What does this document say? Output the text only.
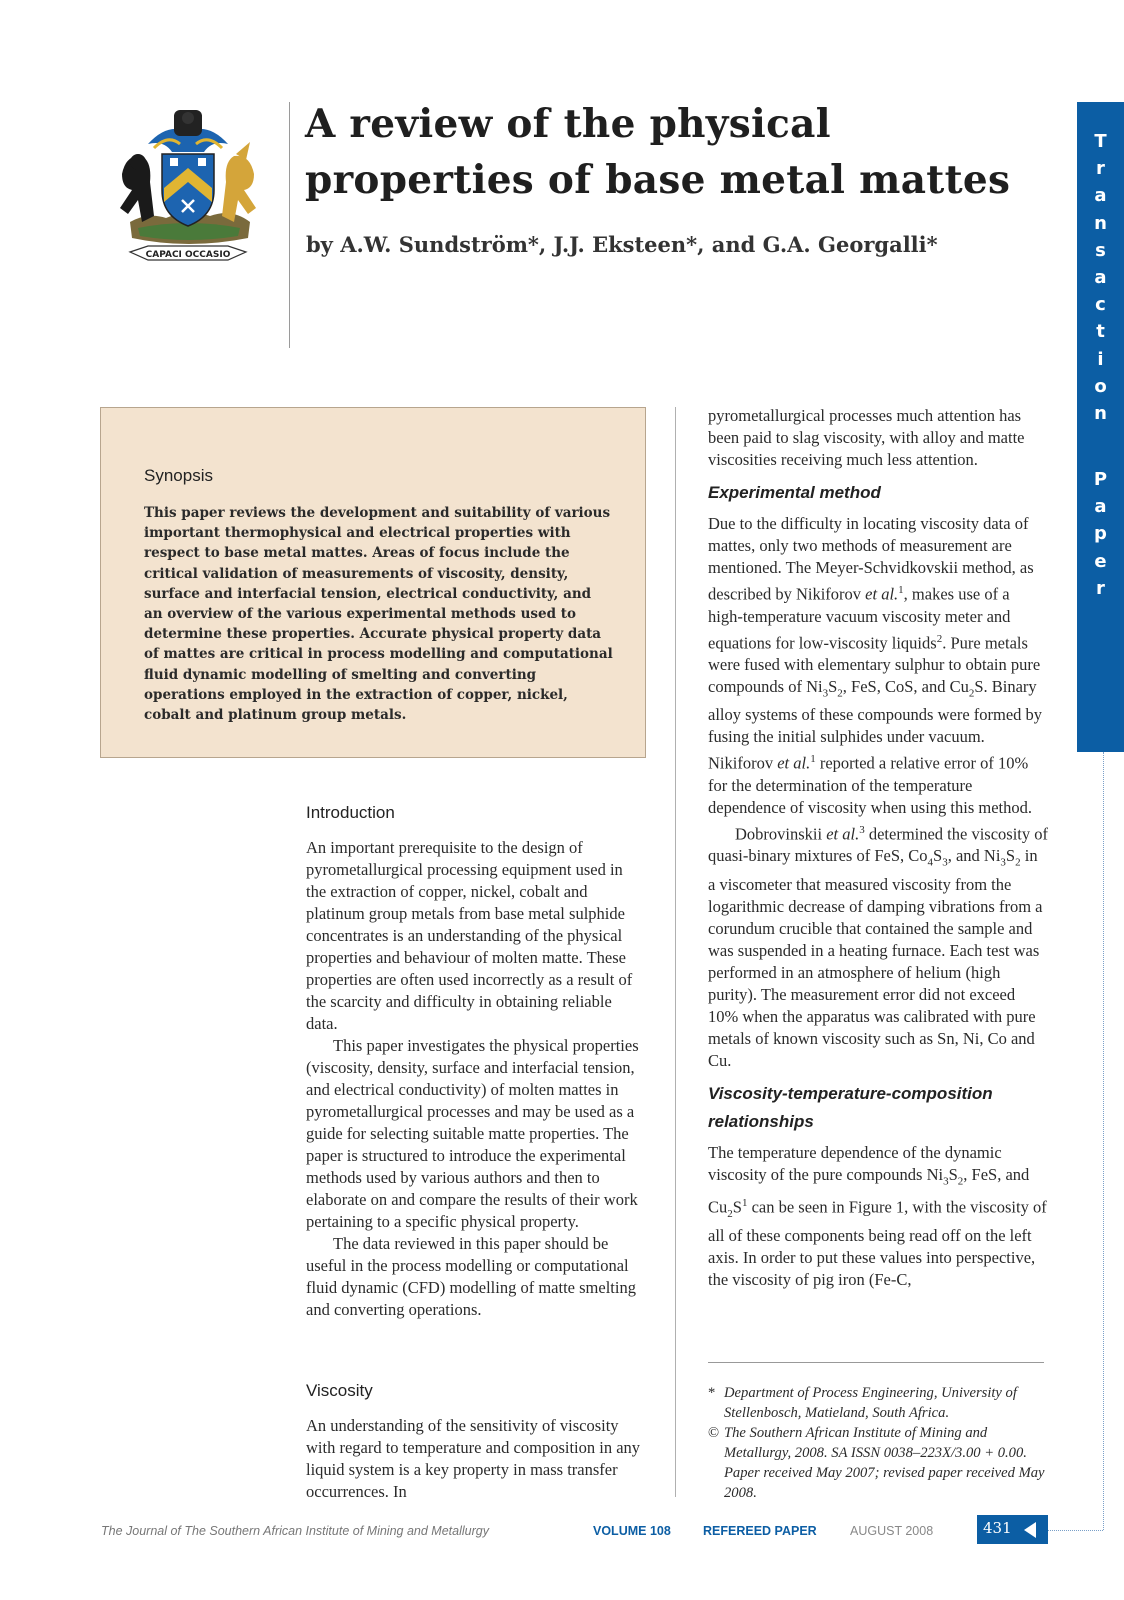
CAPACI OCCASIO
A review of the physical properties of base metal mattes
by A.W. Sundström*, J.J. Eksteen*, and G.A. Georgalli*
T
r
a
n
s
a
c
t
i
o
n
P
a
p
e
r
Synopsis
This paper reviews the development and suitability of various important thermophysical and electrical properties with respect to base metal mattes. Areas of focus include the critical validation of measurements of viscosity, density, surface and interfacial tension, electrical conductivity, and an overview of the various experimental methods used to determine these properties. Accurate physical property data of mattes are critical in process modelling and computational fluid dynamic modelling of smelting and converting operations employed in the extraction of copper, nickel, cobalt and platinum group metals.
Introduction

An important prerequisite to the design of pyrometallurgical processing equipment used in the extraction of copper, nickel, cobalt and platinum group metals from base metal sulphide concentrates is an understanding of the physical properties and behaviour of molten matte. These properties are often used incorrectly as a result of the scarcity and difficulty in obtaining reliable data.

This paper investigates the physical properties (viscosity, density, surface and interfacial tension, and electrical conductivity) of molten mattes in pyrometallurgical processes and may be used as a guide for selecting suitable matte properties. The paper is structured to introduce the experimental methods used by various authors and then to elaborate on and compare the results of their work pertaining to a specific physical property.

The data reviewed in this paper should be useful in the process modelling or computational fluid dynamic (CFD) modelling of matte smelting and converting operations.

Viscosity

An understanding of the sensitivity of viscosity with regard to temperature and composition in any liquid system is a key property in mass transfer occurrences. In

pyrometallurgical processes much attention has been paid to slag viscosity, with alloy and matte viscosities receiving much less attention.

Experimental method

Due to the difficulty in locating viscosity data of mattes, only two methods of measurement are mentioned. The Meyer-Schvidkovskii method, as described by Nikiforov et al.$^1$, makes use of a high-temperature vacuum viscosity meter and equations for low-viscosity liquids$^2$. Pure metals were fused with elementary sulphur to obtain pure compounds of $Ni_3S_2$, FeS, CoS, and $Cu_2S$. Binary alloy systems of these compounds were formed by fusing the initial sulphides under vacuum. Nikiforov et al.$^1$ reported a relative error of 10% for the determination of the temperature dependence of viscosity when using this method.

Dobrovinskii et al.$^3$ determined the viscosity of quasi-binary mixtures of FeS, $Co_4S_3$, and $Ni_3S_2$ in a viscometer that measured viscosity from the logarithmic decrease of damping vibrations from a corundum crucible that contained the sample and was suspended in a heating furnace. Each test was performed in an atmosphere of helium (high purity). The measurement error did not exceed 10% when the apparatus was calibrated with pure metals of known viscosity such as Sn, Ni, Co and Cu.

Viscosity-temperature-composition relationships

The temperature dependence of the dynamic viscosity of the pure compounds $Ni_3S_2$, FeS, and $Cu_2S^1$ can be seen in Figure 1, with the viscosity of all of these components being read off on the left axis. In order to put these values into perspective, the viscosity of pig iron (Fe-C,

* Department of Process Engineering, University of Stellenbosch, Matieland, South Africa.
© The Southern African Institute of Mining and Metallurgy, 2008. SA ISSN 0038–223X/3.00 + 0.00. Paper received May 2007; revised paper received May 2008.
The Journal of The Southern African Institute of Mining and Metallurgy	VOLUME 108	REFEREED PAPER	AUGUST 2008	431
